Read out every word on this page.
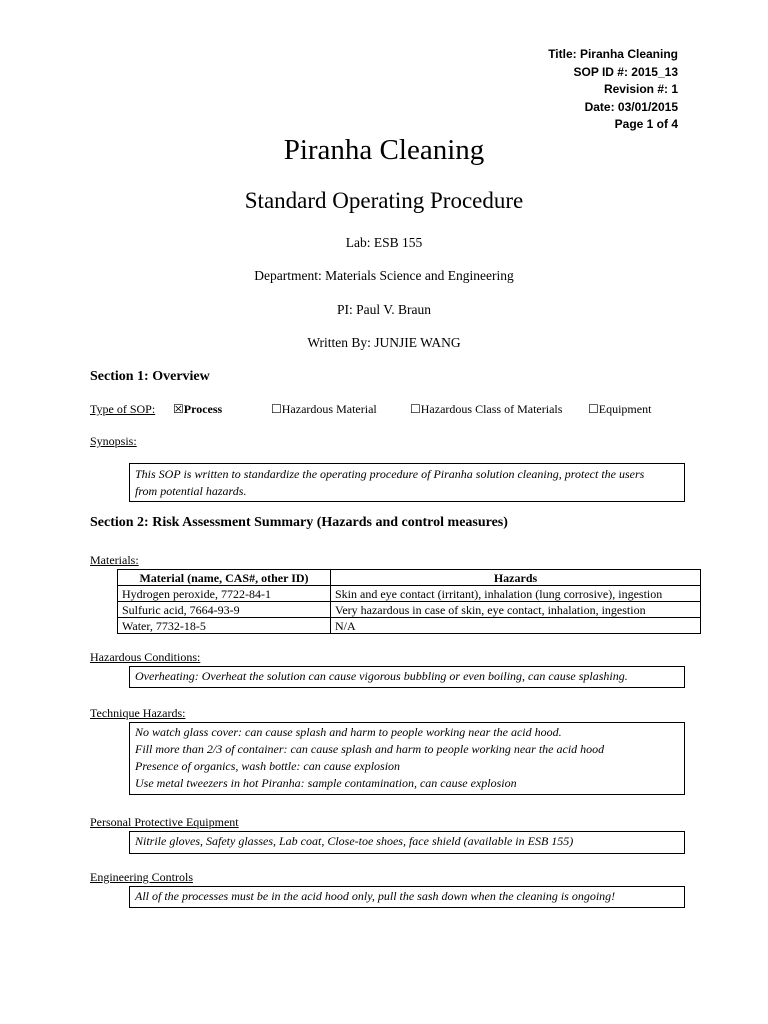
Title: Piranha Cleaning
SOP ID #: 2015_13
Revision #: 1
Date: 03/01/2015
Page 1 of 4
Piranha Cleaning
Standard Operating Procedure
Lab: ESB 155
Department: Materials Science and Engineering
PI: Paul V. Braun
Written By: JUNJIE WANG
Section 1: Overview
Type of SOP: ☒Process	☐Hazardous Material	☐Hazardous Class of Materials ☐Equipment
Synopsis:
This SOP is written to standardize the operating procedure of Piranha solution cleaning, protect the users
from potential hazards.
Section 2: Risk Assessment Summary (Hazards and control measures)
Materials:
Material (name, CAS#, other ID)	Hazards
Hydrogen peroxide, 7722-84-1	Skin and eye contact (irritant), inhalation (lung corrosive), ingestion
Sulfuric acid, 7664-93-9	Very hazardous in case of skin, eye contact, inhalation, ingestion
Water, 7732-18-5	N/A
Hazardous Conditions:
Overheating: Overheat the solution can cause vigorous bubbling or even boiling, can cause splashing.
Technique Hazards:
No watch glass cover: can cause splash and harm to people working near the acid hood.
Fill more than 2/3 of container: can cause splash and harm to people working near the acid hood
Presence of organics, wash bottle: can cause explosion
Use metal tweezers in hot Piranha: sample contamination, can cause explosion
Personal Protective Equipment
Nitrile gloves, Safety glasses, Lab coat, Close-toe shoes, face shield (available in ESB 155)
Engineering Controls
All of the processes must be in the acid hood only, pull the sash down when the cleaning is ongoing!
